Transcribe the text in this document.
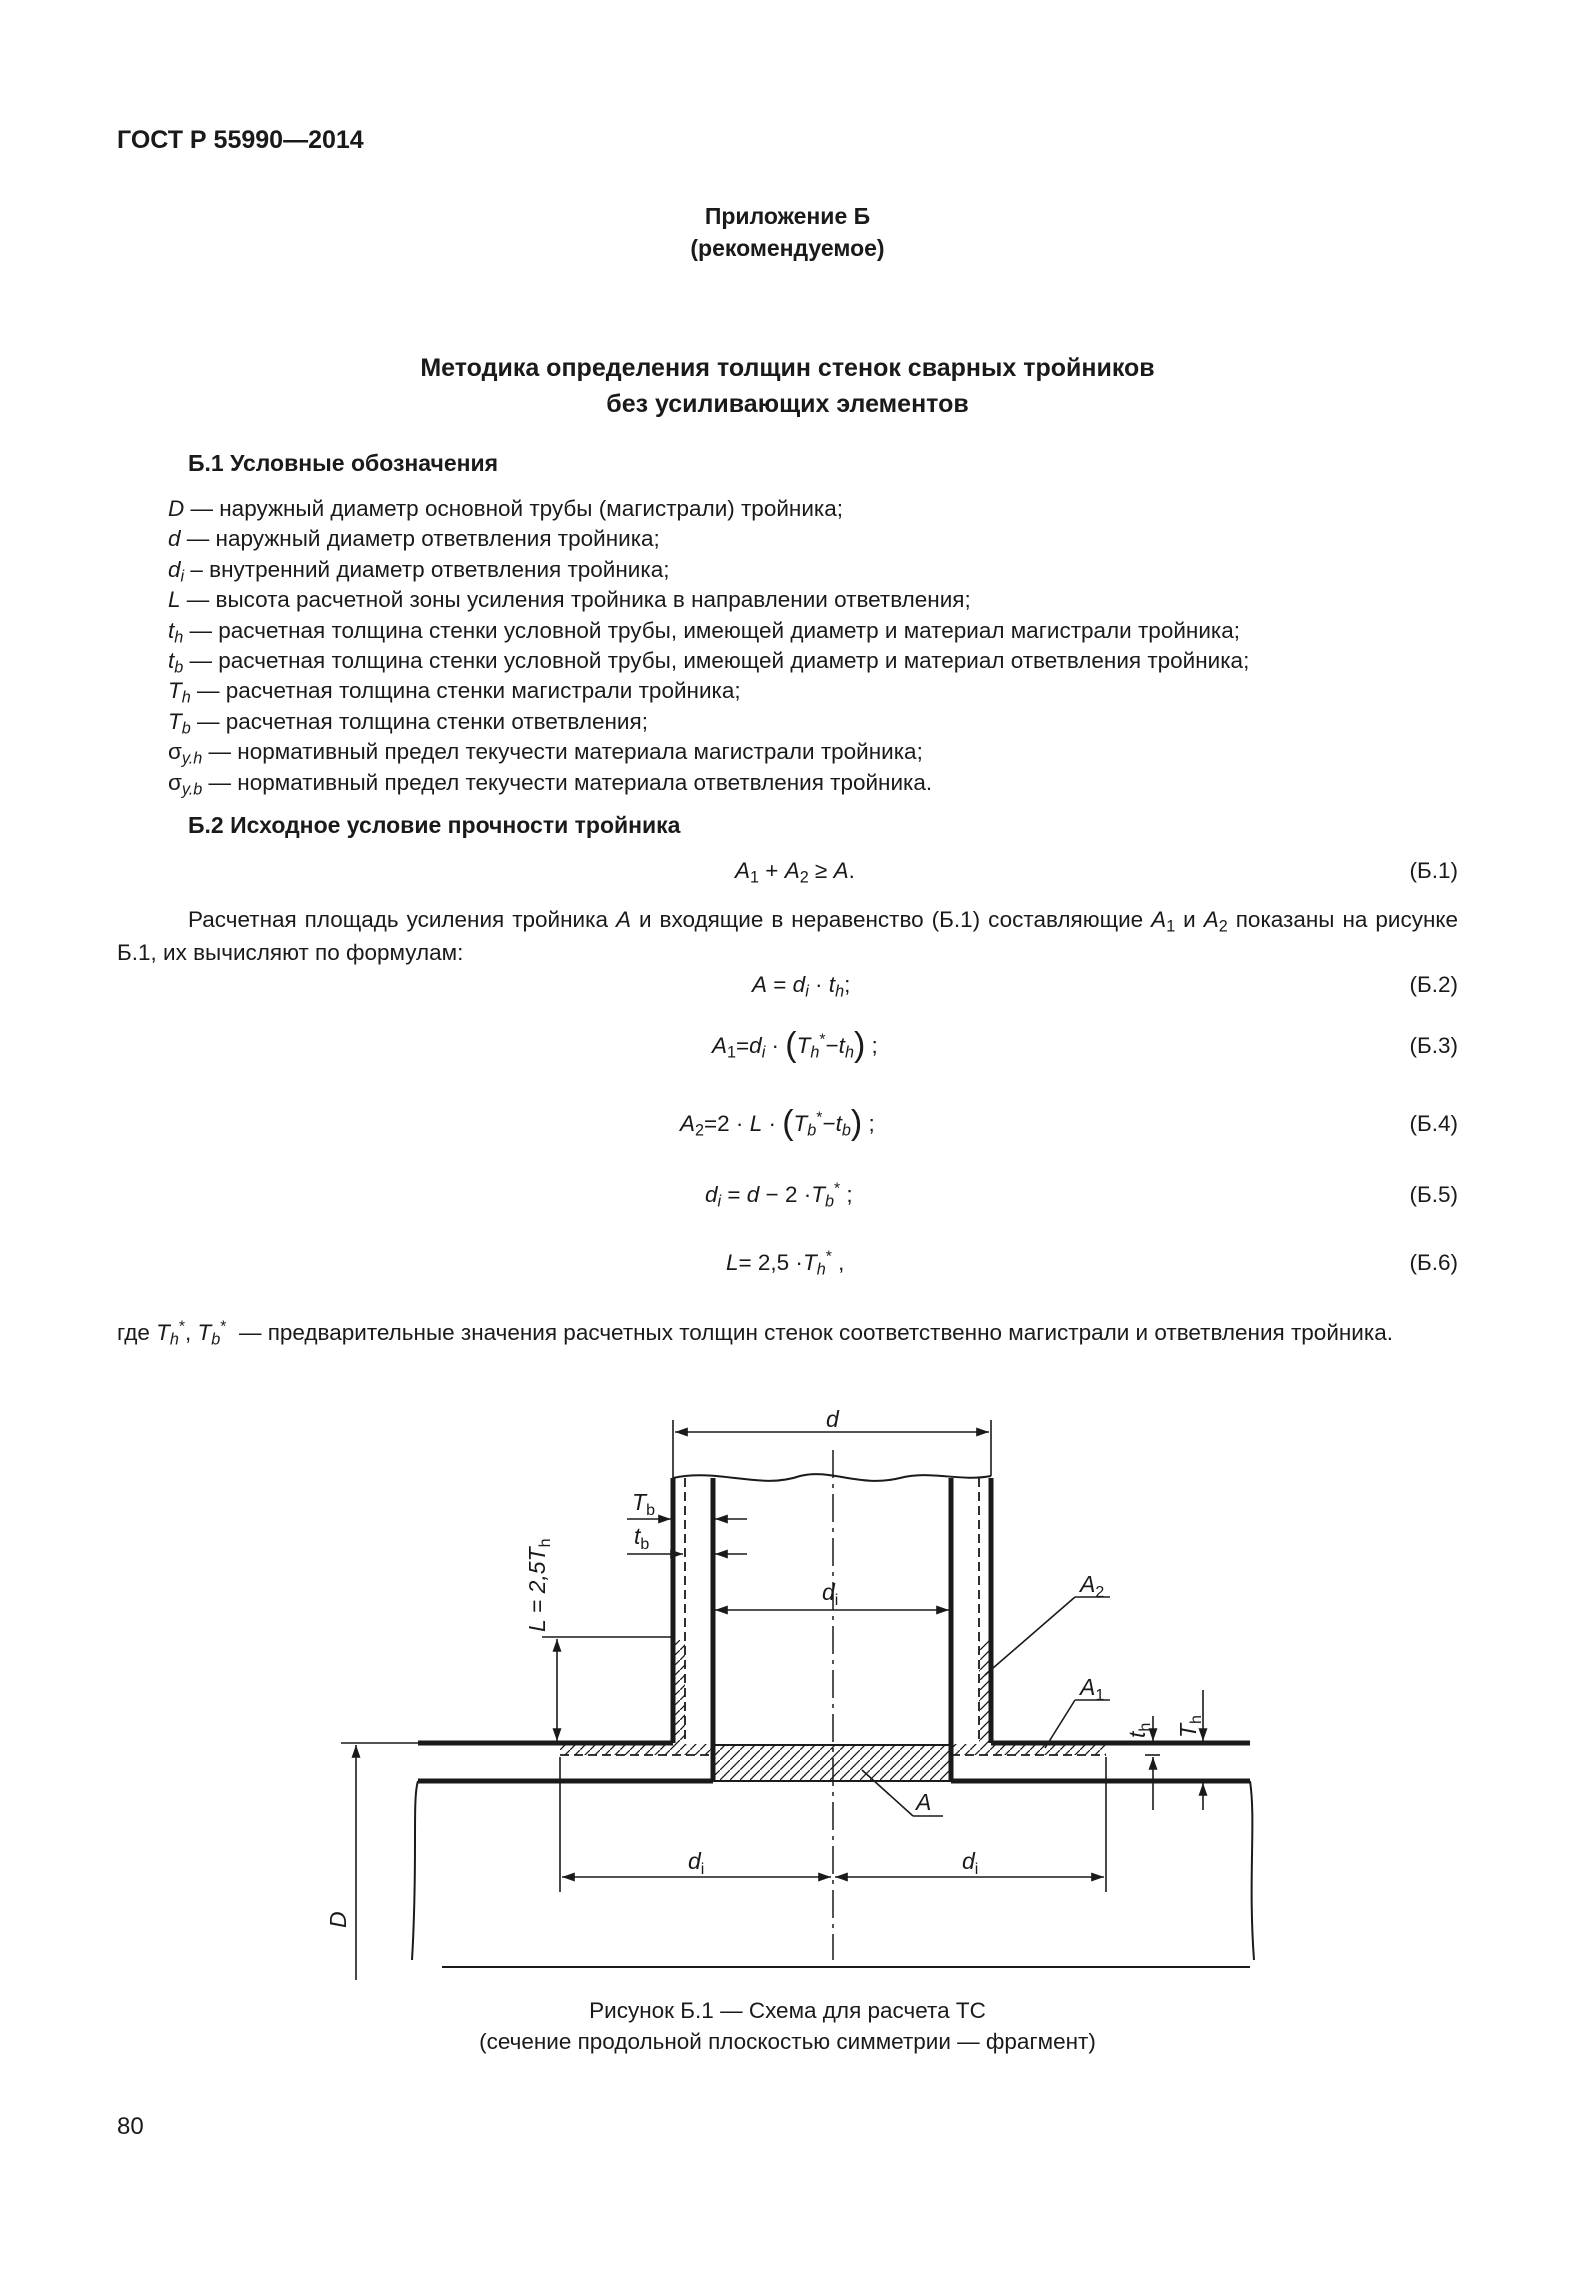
ГОСТ Р 55990—2014
Приложение Б
(рекомендуемое)
Методика определения толщин стенок сварных тройников
без усиливающих элементов
Б.1 Условные обозначения
D — наружный диаметр основной трубы (магистрали) тройника;
d — наружный диаметр ответвления тройника;
$d_i$ – внутренний диаметр ответвления тройника;
L — высота расчетной зоны усиления тройника в направлении ответвления;
$t_h$ — расчетная толщина стенки условной трубы, имеющей диаметр и материал магистрали тройника;
$t_b$ — расчетная толщина стенки условной трубы, имеющей диаметр и материал ответвления тройника;
$T_h$ — расчетная толщина стенки магистрали тройника;
$T_b$ — расчетная толщина стенки ответвления;
$\sigma_{y.h}$ — нормативный предел текучести материала магистрали тройника;
$\sigma_{y.b}$ — нормативный предел текучести материала ответвления тройника.
Б.2 Исходное условие прочности тройника
$A_1 + A_2 \ge A$.	(Б.1)
Расчетная площадь усиления тройника A и входящие в неравенство (Б.1) составляющие $A_1$ и $A_2$ показаны на рисунке Б.1, их вычисляют по формулам:
$A = d_i \cdot t_h$;	(Б.2)
$A_1=d_i \cdot (T_h^*-t_h)$ ;	(Б.3)
$A_2=2 \cdot L \cdot (T_b^*-t_b)$ ;	(Б.4)
$d_i = d - 2 \cdot T_b^*$ ;	(Б.5)
$L= 2,5 \cdot T_h^*$ ,	(Б.6)
где $T_h^*$, $T_b^*$ — предварительные значения расчетных толщин стенок соответственно магистрали и ответвления тройника.
d
$T_b$
$t_b$
$L = 2,5T_h$
$d_i$
$A_2$
$A_1$
$t_h$ $T_h$
$d_i$	$d_i$
A
D
Рисунок Б.1 — Схема для расчета ТС
(сечение продольной плоскостью симметрии — фрагмент)
80
